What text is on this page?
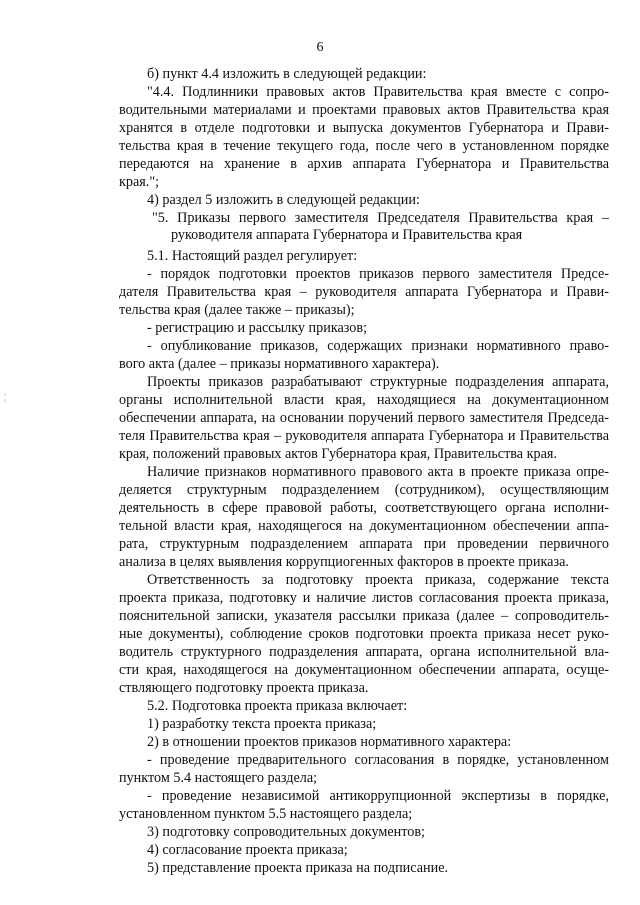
6
¦
б) пункт 4.4 изложить в следующей редакции:
"4.4. Подлинники правовых актов Правительства края вместе с сопро-
водительными материалами и проектами правовых актов Правительства края
хранятся в отделе подготовки и выпуска документов Губернатора и Прави-
тельства края в течение текущего года, после чего в установленном порядке
передаются на хранение в архив аппарата Губернатора и Правительства
края.";
4) раздел 5 изложить в следующей редакции:
"5. Приказы первого заместителя Председателя Правительства края –
руководителя аппарата Губернатора и Правительства края
5.1. Настоящий раздел регулирует:
- порядок подготовки проектов приказов первого заместителя Предсе-
дателя Правительства края – руководителя аппарата Губернатора и Прави-
тельства края (далее также – приказы);
- регистрацию и рассылку приказов;
- опубликование приказов, содержащих признаки нормативного право-
вого акта (далее – приказы нормативного характера).
Проекты приказов разрабатывают структурные подразделения аппарата,
органы исполнительной власти края, находящиеся на документационном
обеспечении аппарата, на основании поручений первого заместителя Председа-
теля Правительства края – руководителя аппарата Губернатора и Правительства
края, положений правовых актов Губернатора края, Правительства края.
Наличие признаков нормативного правового акта в проекте приказа опре-
деляется структурным подразделением (сотрудником), осуществляющим
деятельность в сфере правовой работы, соответствующего органа исполни-
тельной власти края, находящегося на документационном обеспечении аппа-
рата, структурным подразделением аппарата при проведении первичного
анализа в целях выявления коррупциогенных факторов в проекте приказа.
Ответственность за подготовку проекта приказа, содержание текста
проекта приказа, подготовку и наличие листов согласования проекта приказа,
пояснительной записки, указателя рассылки приказа (далее – сопроводитель-
ные документы), соблюдение сроков подготовки проекта приказа несет руко-
водитель структурного подразделения аппарата, органа исполнительной вла-
сти края, находящегося на документационном обеспечении аппарата, осуще-
ствляющего подготовку проекта приказа.
5.2. Подготовка проекта приказа включает:
1) разработку текста проекта приказа;
2) в отношении проектов приказов нормативного характера:
- проведение предварительного согласования в порядке, установленном
пунктом 5.4 настоящего раздела;
- проведение независимой антикоррупционной экспертизы в порядке,
установленном пунктом 5.5 настоящего раздела;
3) подготовку сопроводительных документов;
4) согласование проекта приказа;
5) представление проекта приказа на подписание.
